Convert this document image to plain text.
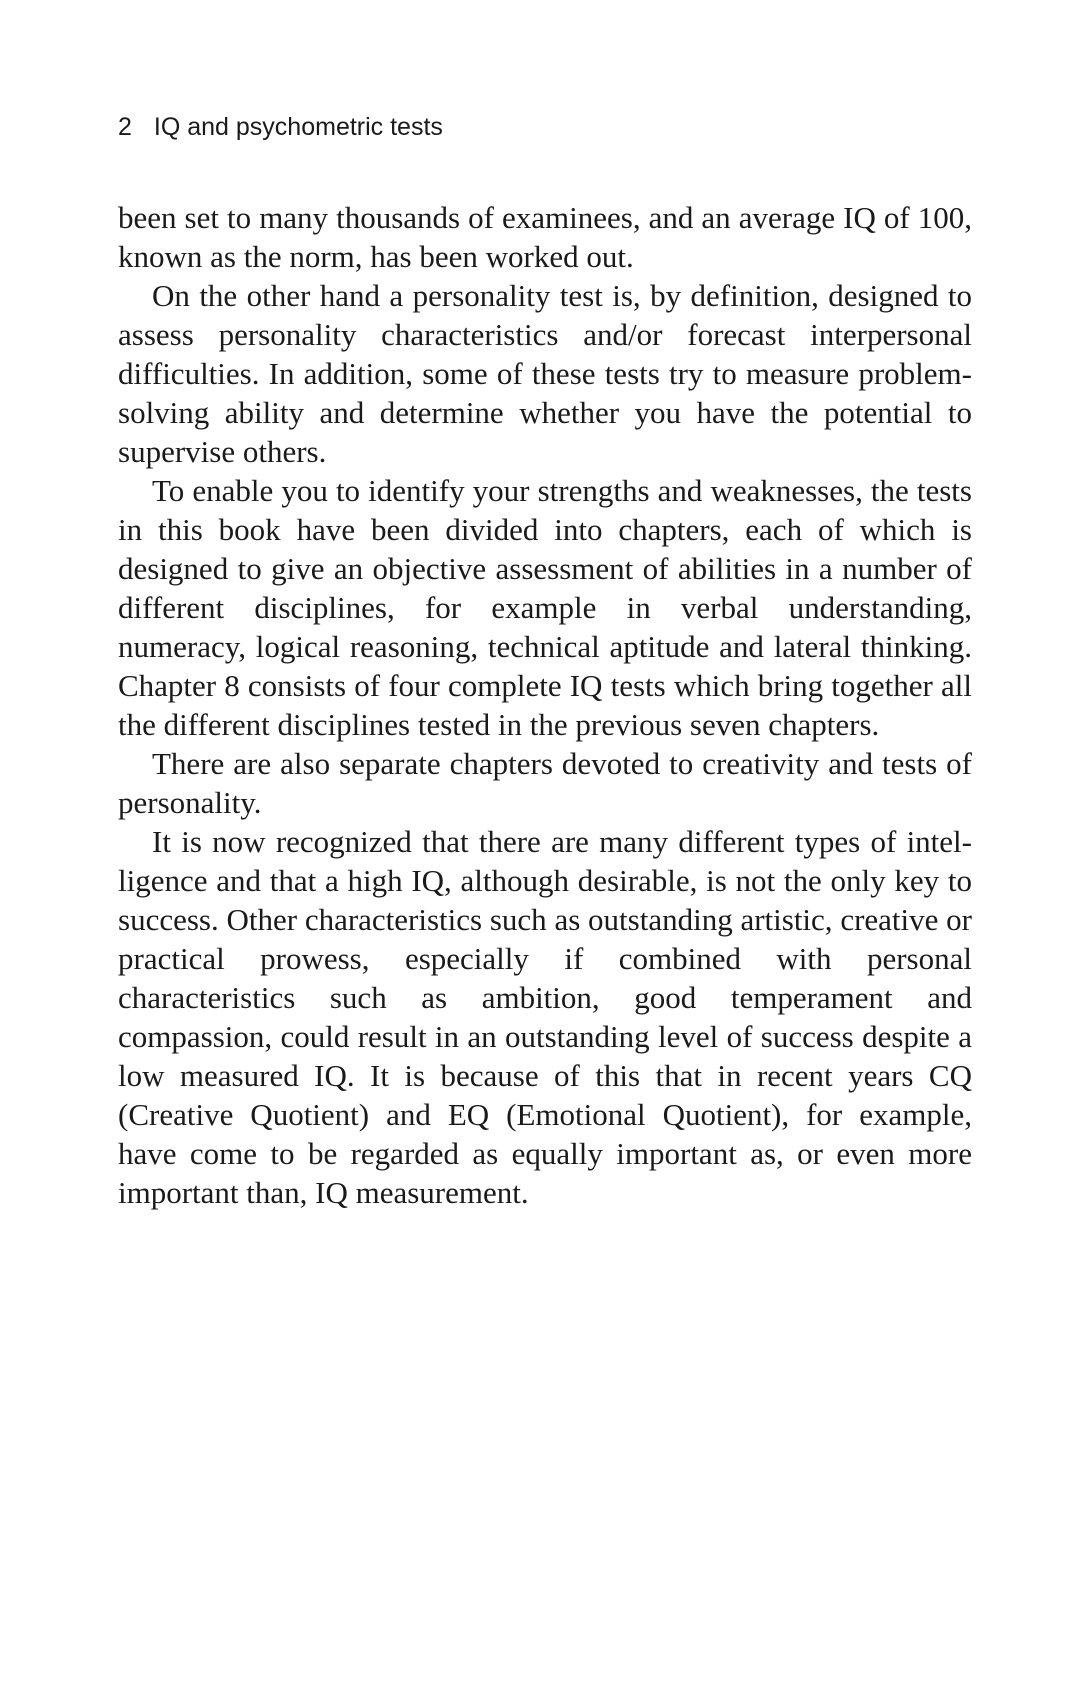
2 IQ and psychometric tests

been set to many thousands of examinees, and an average IQ of 100, known as the norm, has been worked out.

On the other hand a personality test is, by definition, designed to assess personality characteristics and/or forecast interpersonal difficulties. In addition, some of these tests try to measure problem-solving ability and determine whether you have the potential to supervise others.

To enable you to identify your strengths and weaknesses, the tests in this book have been divided into chapters, each of which is designed to give an objective assessment of abilities in a number of different disciplines, for example in verbal understanding, numeracy, logical reasoning, technical aptitude and lateral thinking. Chapter 8 consists of four complete IQ tests which bring together all the different disciplines tested in the previous seven chapters.

There are also separate chapters devoted to creativity and tests of personality.

It is now recognized that there are many different types of intelligence and that a high IQ, although desirable, is not the only key to success. Other characteristics such as outstanding artistic, creative or practical prowess, especially if combined with personal characteristics such as ambition, good temperament and compassion, could result in an outstanding level of success despite a low measured IQ. It is because of this that in recent years CQ (Creative Quotient) and EQ (Emotional Quotient), for example, have come to be regarded as equally important as, or even more important than, IQ measurement.
